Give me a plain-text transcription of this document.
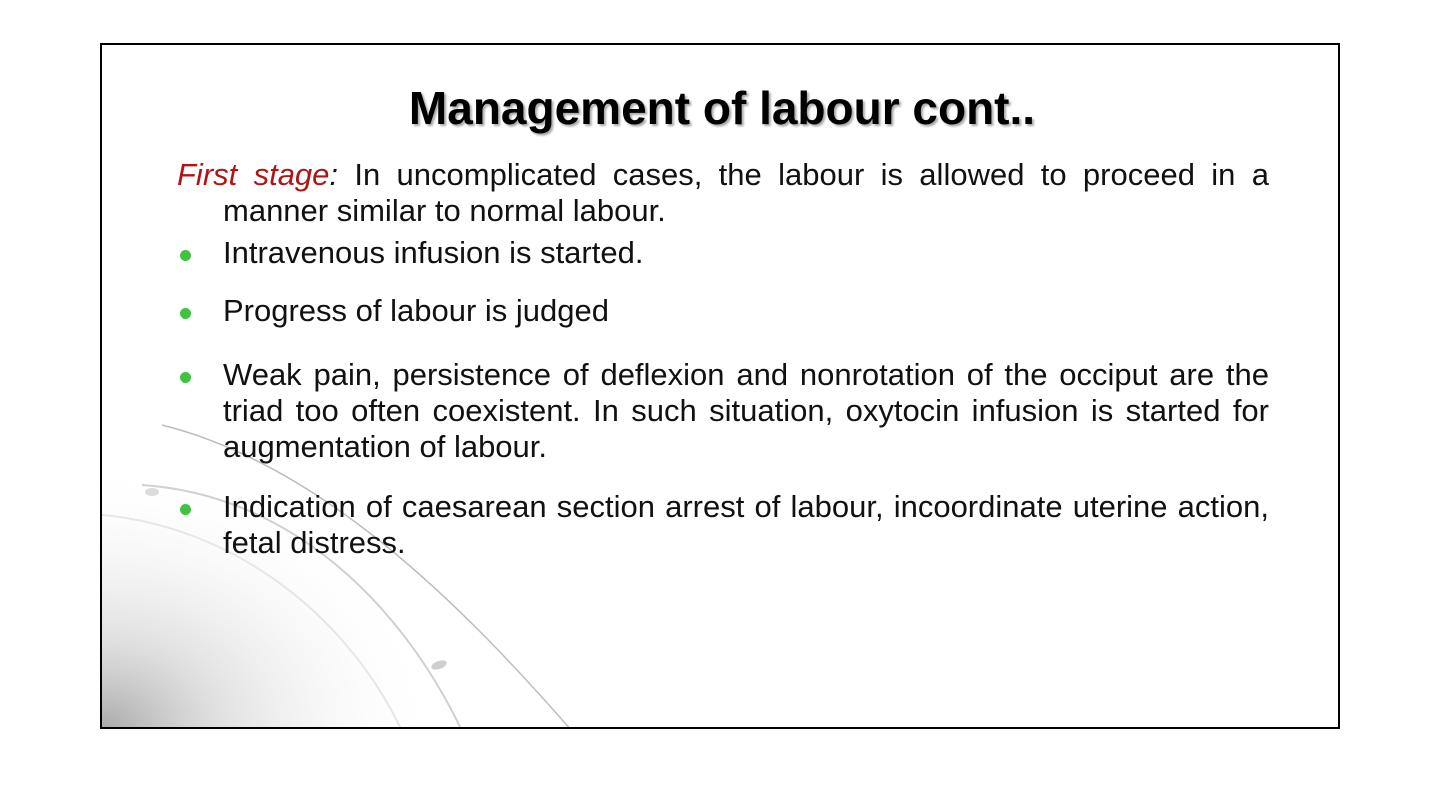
Management of labour cont..

First stage: In uncomplicated cases, the labour is allowed to proceed in a manner similar to normal labour.

Intravenous infusion is started.
Progress of labour is judged
Weak pain, persistence of deflexion and nonrotation of the occiput are the triad too often coexistent. In such situation, oxytocin infusion is started for augmentation of labour.
Indication of caesarean section arrest of labour, incoordinate uterine action, fetal distress.
